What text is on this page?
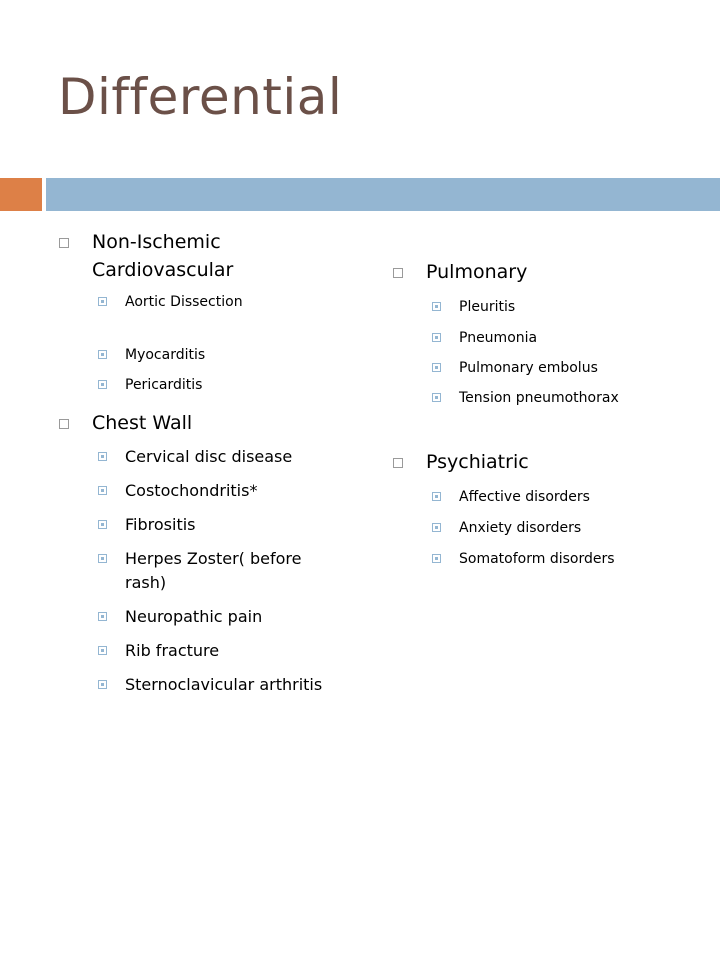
Differential
Non-Ischemic
Cardiovascular
Aortic Dissection
Myocarditis
Pericarditis
Chest Wall
Cervical disc disease
Costochondritis*
Fibrositis
Herpes Zoster( before
rash)
Neuropathic pain
Rib fracture
Sternoclavicular arthritis
Pulmonary
Pleuritis
Pneumonia
Pulmonary embolus
Tension pneumothorax
Psychiatric
Affective disorders
Anxiety disorders
Somatoform disorders
